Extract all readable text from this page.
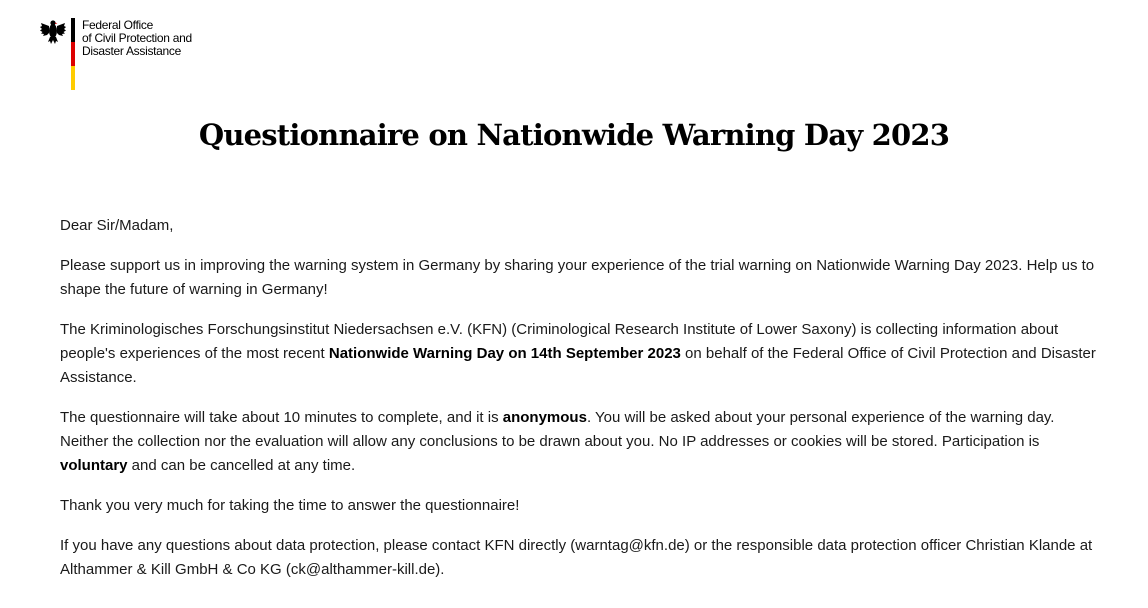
Federal Office
of Civil Protection and
Disaster Assistance
Questionnaire on Nationwide Warning Day 2023

Dear Sir/Madam,

Please support us in improving the warning system in Germany by sharing your experience of the trial warning on Nationwide Warning Day 2023. Help us to shape the future of warning in Germany!

The Kriminologisches Forschungsinstitut Niedersachsen e.V. (KFN) (Criminological Research Institute of Lower Saxony) is collecting information about people's experiences of the most recent Nationwide Warning Day on 14th September 2023 on behalf of the Federal Office of Civil Protection and Disaster Assistance.

The questionnaire will take about 10 minutes to complete, and it is anonymous. You will be asked about your personal experience of the warning day. Neither the collection nor the evaluation will allow any conclusions to be drawn about you. No IP addresses or cookies will be stored. Participation is voluntary and can be cancelled at any time.

Thank you very much for taking the time to answer the questionnaire!

If you have any questions about data protection, please contact KFN directly (warntag@kfn.de) or the responsible data protection officer Christian Klande at Althammer & Kill GmbH & Co KG (ck@althammer-kill.de).
